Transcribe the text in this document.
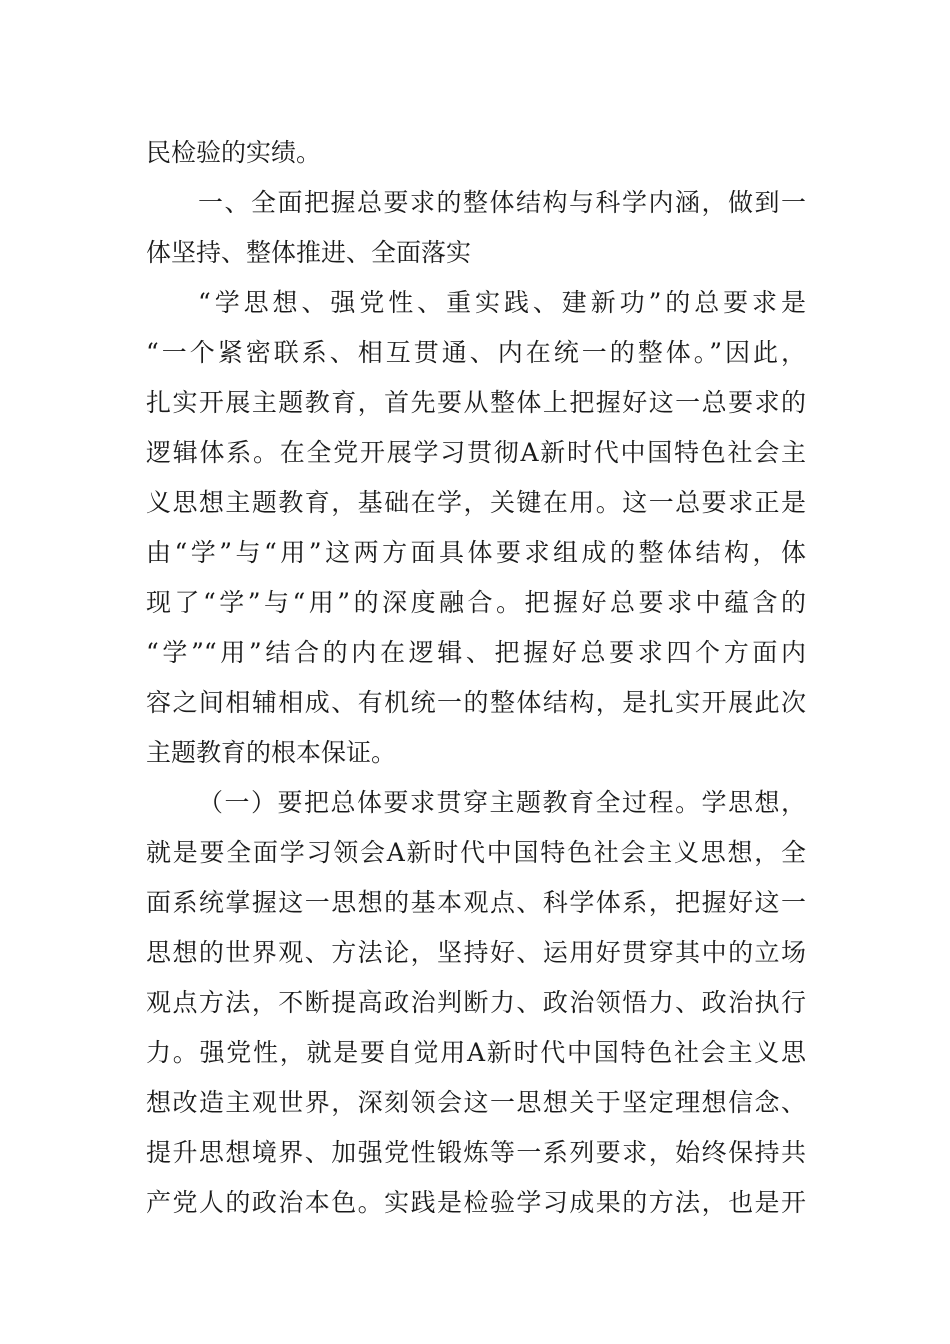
民检验的实绩。
一、全面把握总要求的整体结构与科学内涵，做到一
体坚持、整体推进、全面落实
“学思想、强党性、重实践、建新功”的总要求是
“一个紧密联系、相互贯通、内在统一的整体。”因此，
扎实开展主题教育，首先要从整体上把握好这一总要求的
逻辑体系。在全党开展学习贯彻A新时代中国特色社会主
义思想主题教育，基础在学，关键在用。这一总要求正是
由“学”与“用”这两方面具体要求组成的整体结构，体
现了“学”与“用”的深度融合。把握好总要求中蕴含的
“学”“用”结合的内在逻辑、把握好总要求四个方面内
容之间相辅相成、有机统一的整体结构，是扎实开展此次
主题教育的根本保证。
（一）要把总体要求贯穿主题教育全过程。学思想，
就是要全面学习领会A新时代中国特色社会主义思想，全
面系统掌握这一思想的基本观点、科学体系，把握好这一
思想的世界观、方法论，坚持好、运用好贯穿其中的立场
观点方法，不断提高政治判断力、政治领悟力、政治执行
力。强党性，就是要自觉用A新时代中国特色社会主义思
想改造主观世界，深刻领会这一思想关于坚定理想信念、
提升思想境界、加强党性锻炼等一系列要求，始终保持共
产党人的政治本色。实践是检验学习成果的方法，也是开
